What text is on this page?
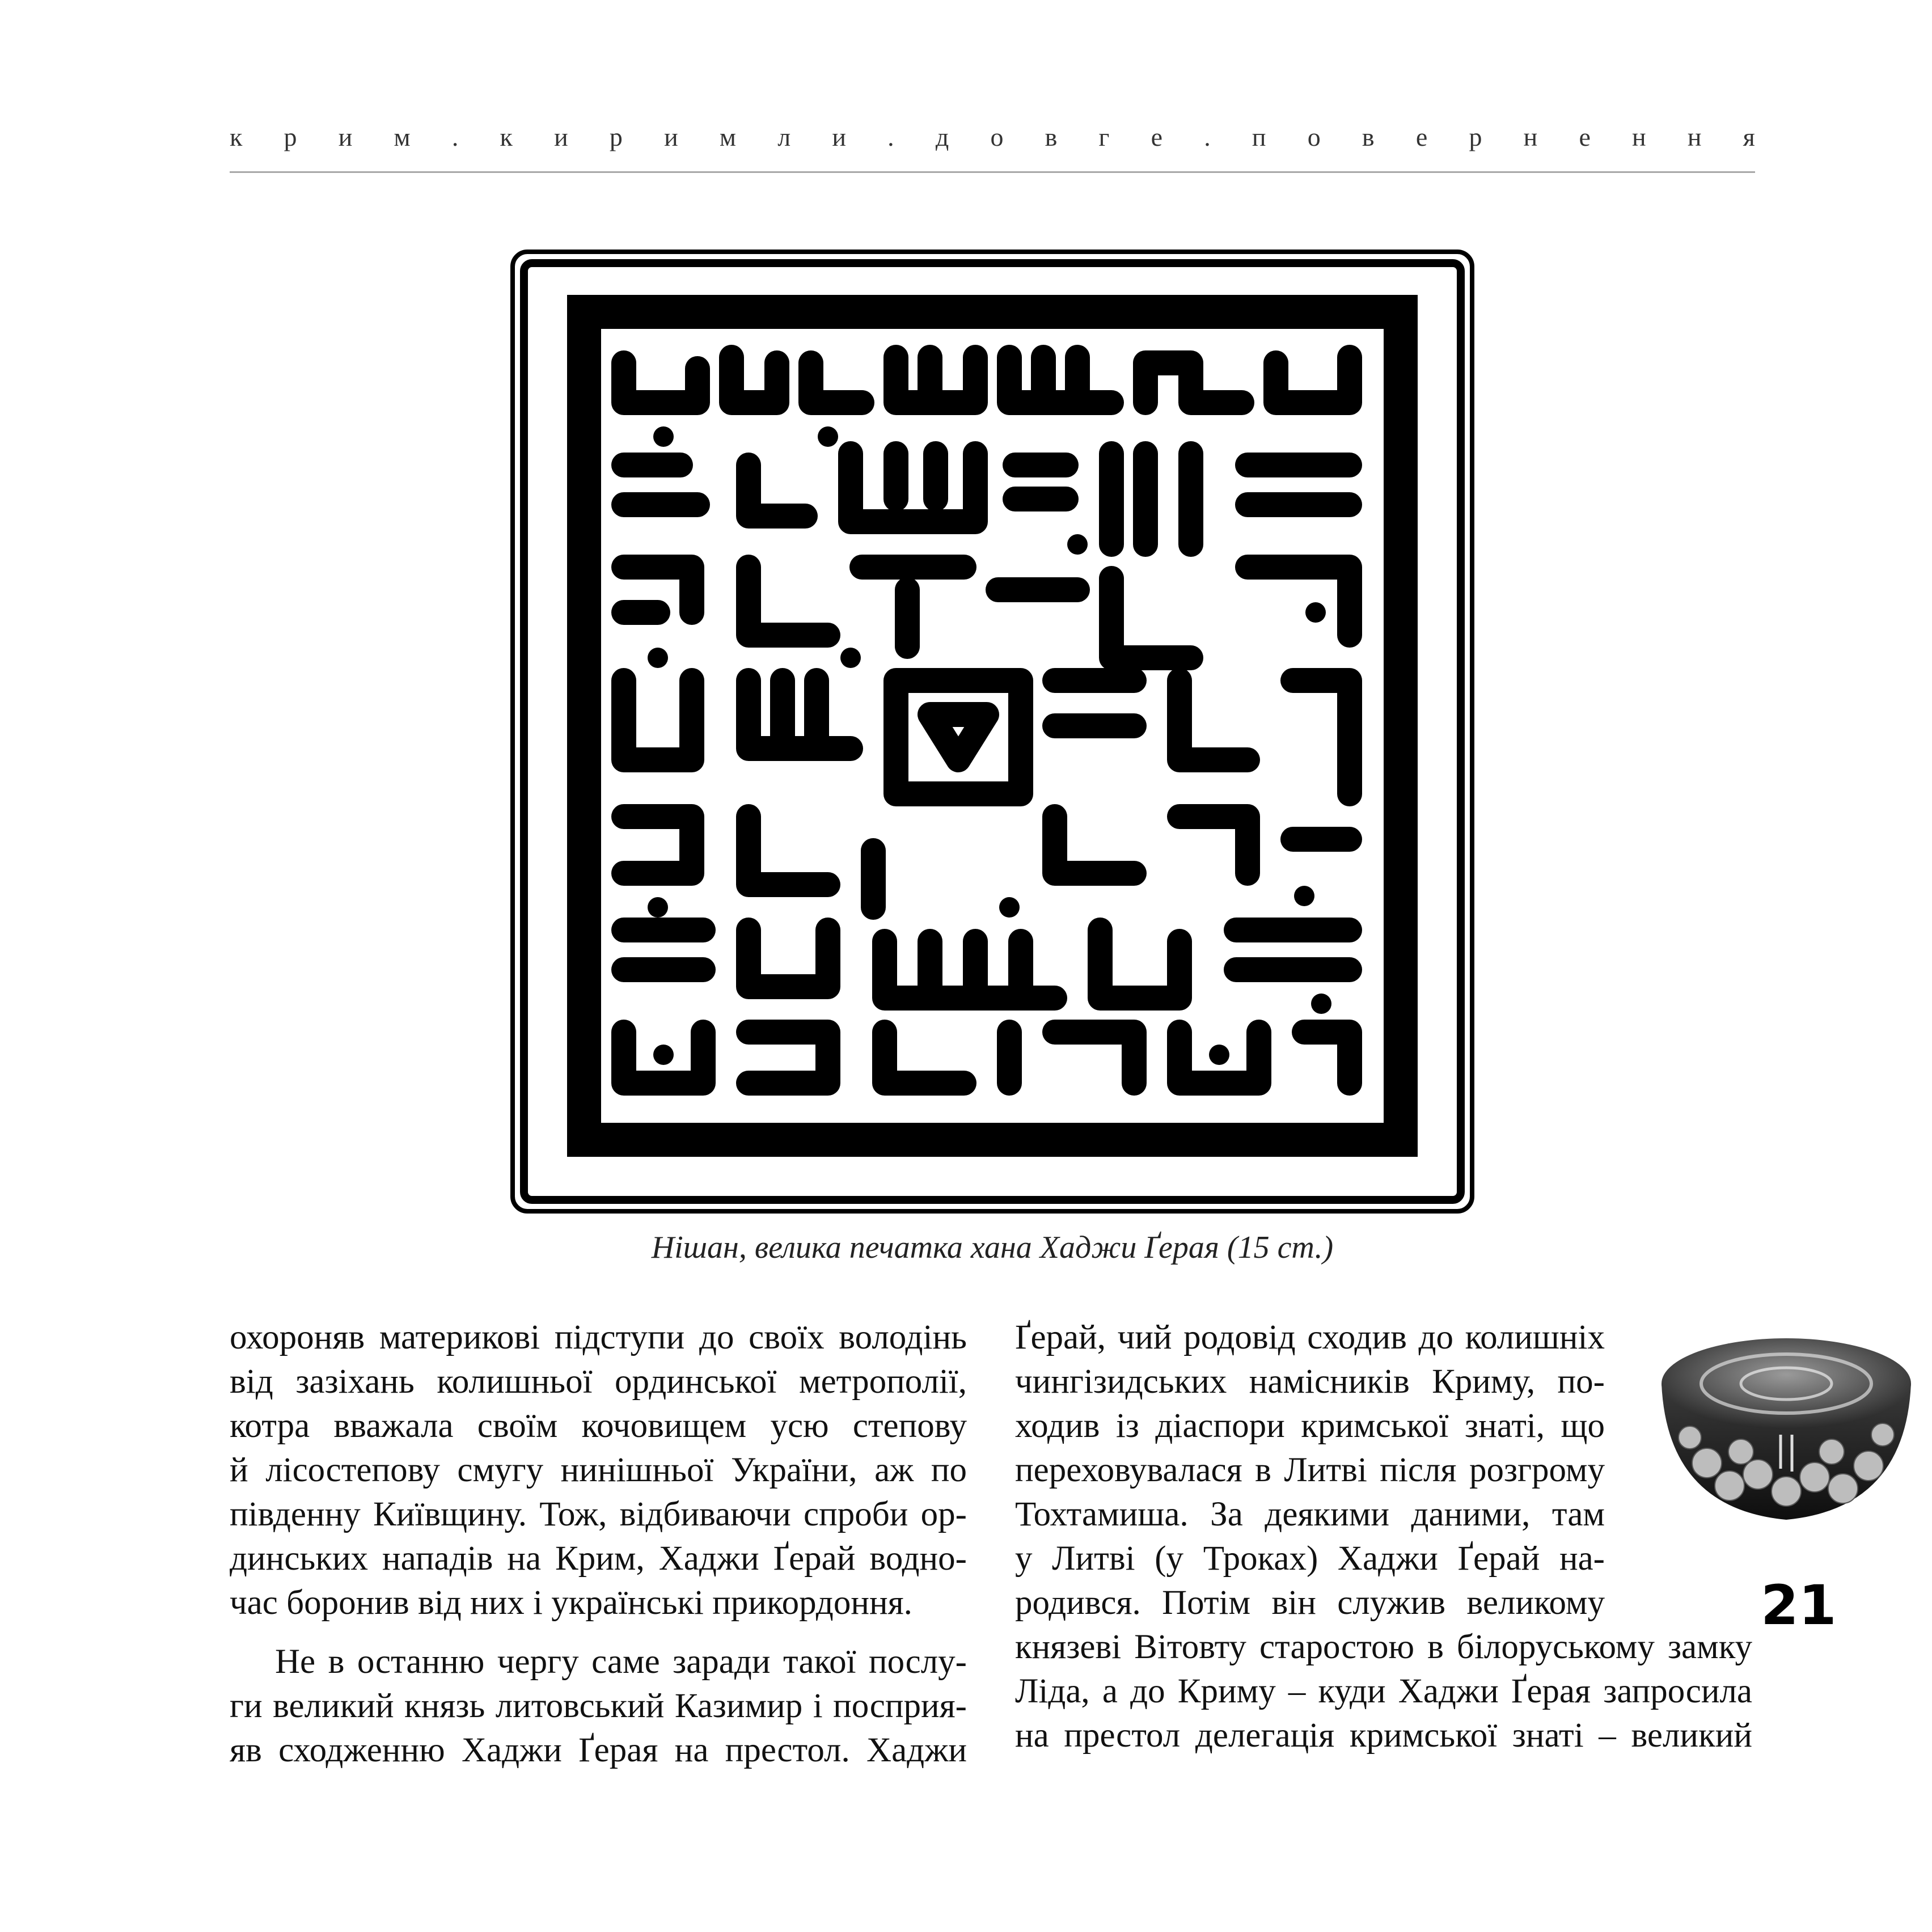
к р и м . к и р и м л и . д о в г е . п о в е р н е н н я
Нішан, велика печатка хана Хаджи Ґерая (15 ст.)
охороняв материкові підступи до своїх володінь
від зазіхань колишньої ординської метрополії,
котра вважала своїм кочовищем усю степову
й лісостепову смугу нинішньої України, аж по
південну Київщину. Тож, відбиваючи спроби ор-
динських нападів на Крим, Хаджи Ґерай водно-
час боронив від них і українські прикордоння.
Не в останню чергу саме заради такої послу-
ги великий князь литовський Казимир і посприя-
яв сходженню Хаджи Ґерая на престол. Хаджи
Ґерай, чий родовід сходив до колишніх
чингізидських намісників Криму, по-
ходив із діаспори кримської знаті, що
переховувалася в Литві після розгрому
Тохтамиша. За деякими даними, там
у Литві (у Троках) Хаджи Ґерай на-
родився. Потім він служив великому
князеві Вітовту старостою в білоруському замку
Ліда, а до Криму – куди Хаджи Ґерая запросила
на престол делегація кримської знаті – великий
21
